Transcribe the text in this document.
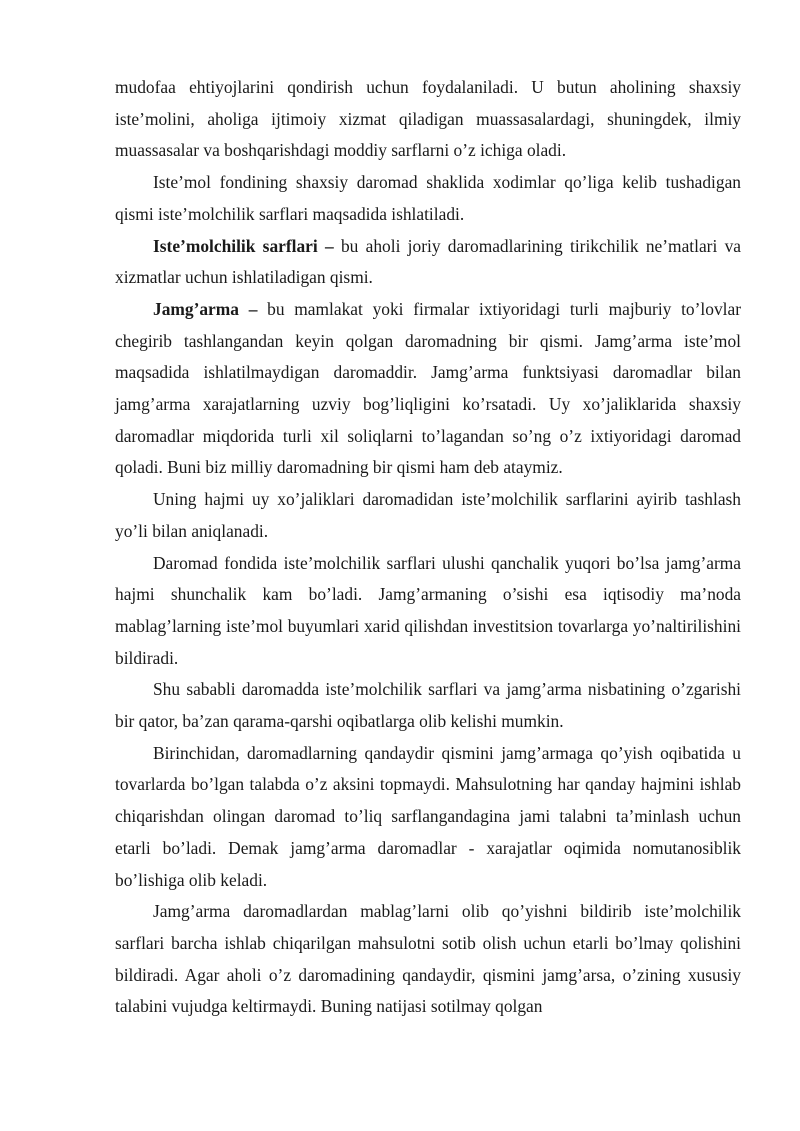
mudofaa ehtiyojlarini qondirish uchun foydalaniladi. U butun aholining shaxsiy iste’molini, aholiga ijtimoiy xizmat qiladigan muassasalardagi, shuningdek, ilmiy muassasalar va boshqarishdagi moddiy sarflarni o’z ichiga oladi.

Iste’mol fondining shaxsiy daromad shaklida xodimlar qo’liga kelib tushadigan qismi iste’molchilik sarflari maqsadida ishlatiladi.

Iste’molchilik sarflari – bu aholi joriy daromadlarining tirikchilik ne’matlari va xizmatlar uchun ishlatiladigan qismi.

Jamg’arma – bu mamlakat yoki firmalar ixtiyoridagi turli majburiy to’lovlar chegirib tashlangandan keyin qolgan daromadning bir qismi. Jamg’arma iste’mol maqsadida ishlatilmaydigan daromaddir. Jamg’arma funktsiyasi daromadlar bilan jamg’arma xarajatlarning uzviy bog’liqligini ko’rsatadi. Uy xo’jaliklarida shaxsiy daromadlar miqdorida turli xil soliqlarni to’lagandan so’ng o’z ixtiyoridagi daromad qoladi. Buni biz milliy daromadning bir qismi ham deb ataymiz.

Uning hajmi uy xo’jaliklari daromadidan iste’molchilik sarflarini ayirib tashlash yo’li bilan aniqlanadi.

Daromad fondida iste’molchilik sarflari ulushi qanchalik yuqori bo’lsa jamg’arma hajmi shunchalik kam bo’ladi. Jamg’armaning o’sishi esa iqtisodiy ma’noda mablag’larning iste’mol buyumlari xarid qilishdan investitsion tovarlarga yo’naltirilishini bildiradi.

Shu sababli daromadda iste’molchilik sarflari va jamg’arma nisbatining o’zgarishi bir qator, ba’zan qarama-qarshi oqibatlarga olib kelishi mumkin.

Birinchidan, daromadlarning qandaydir qismini jamg’armaga qo’yish oqibatida u tovarlarda bo’lgan talabda o’z aksini topmaydi. Mahsulotning har qanday hajmini ishlab chiqarishdan olingan daromad to’liq sarflangandagina jami talabni ta’minlash uchun etarli bo’ladi. Demak jamg’arma daromadlar - xarajatlar oqimida nomutanosiblik bo’lishiga olib keladi.

Jamg’arma daromadlardan mablag’larni olib qo’yishni bildirib iste’molchilik sarflari barcha ishlab chiqarilgan mahsulotni sotib olish uchun etarli bo’lmay qolishini bildiradi. Agar aholi o’z daromadining qandaydir, qismini jamg’arsa, o’zining xususiy talabini vujudga keltirmaydi. Buning natijasi sotilmay qolgan
